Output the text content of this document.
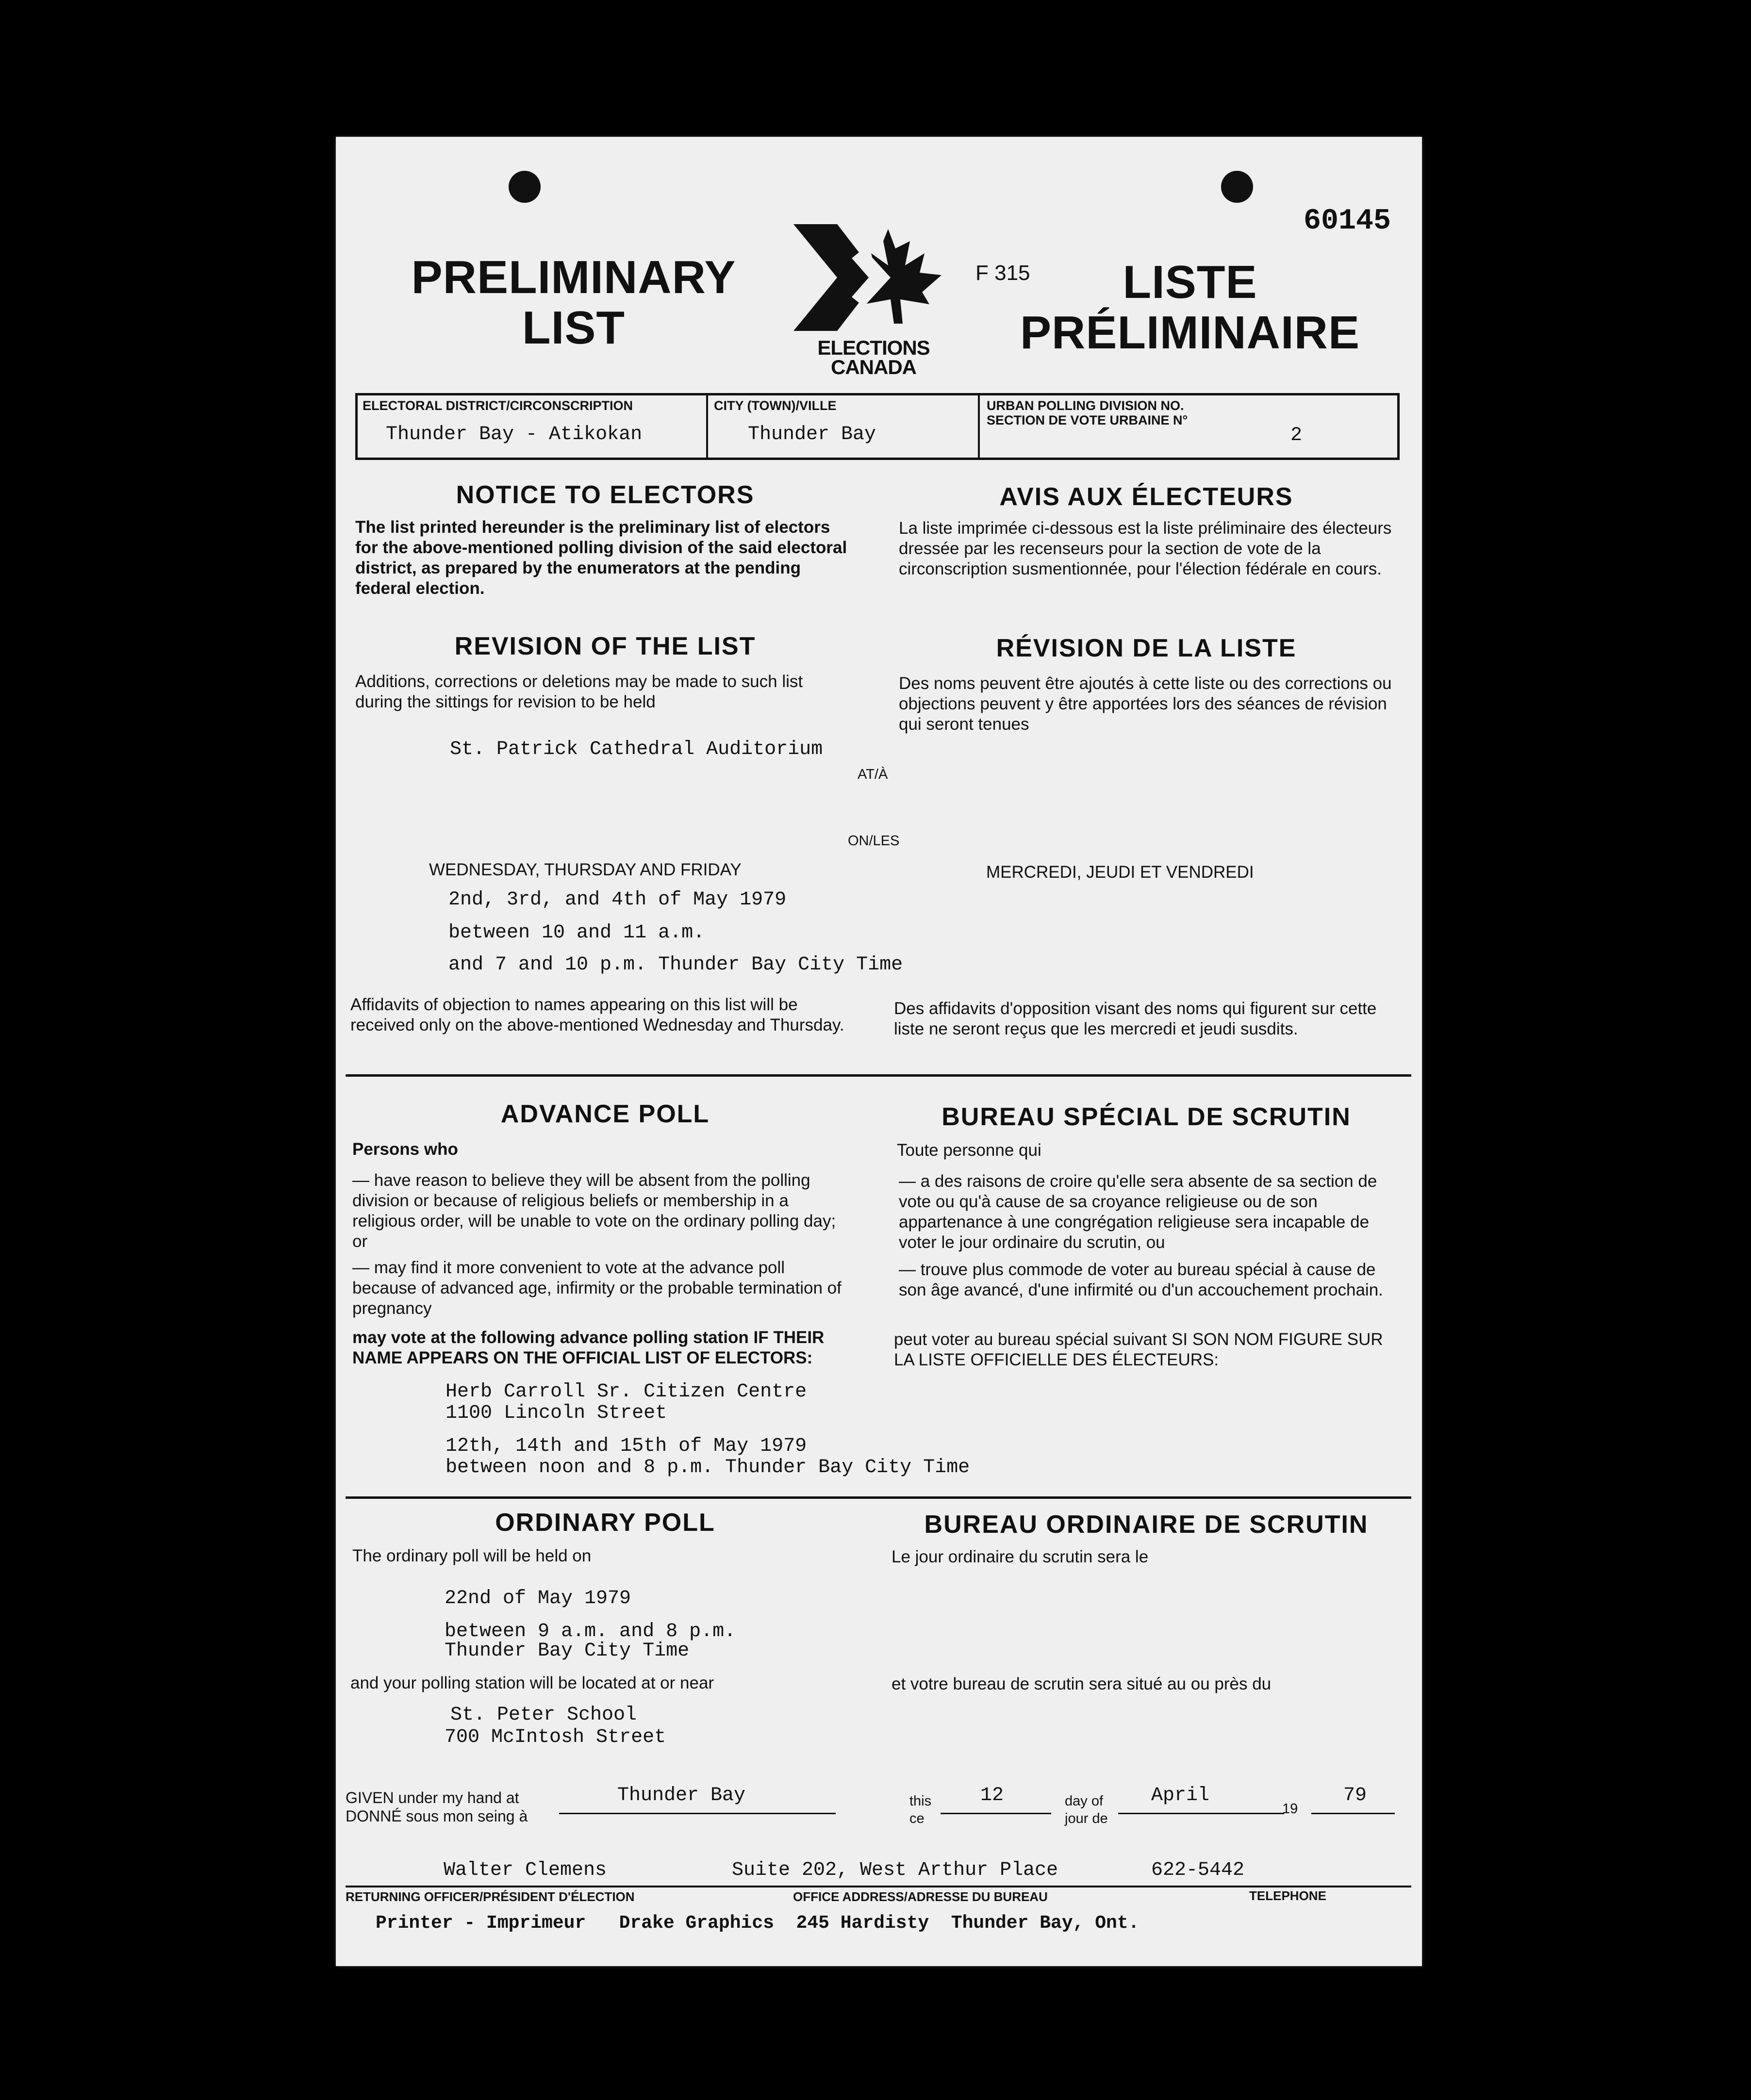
60145
PRELIMINARY
LIST	ELECTIONS
CANADA
F 315	LISTE
PRÉLIMINAIRE
ELECTORAL DISTRICT/CIRCONSCRIPTION
Thunder Bay - Atikokan
CITY (TOWN)/VILLE
Thunder Bay
URBAN POLLING DIVISION NO.
SECTION DE VOTE URBAINE N°
2
NOTICE TO ELECTORS	AVIS AUX ÉLECTEURS
The list printed hereunder is the preliminary list of electors for the above-mentioned polling division of the said electoral district, as prepared by the enumerators at the pending federal election.
La liste imprimée ci-dessous est la liste préliminaire des électeurs dressée par les recenseurs pour la section de vote de la circonscription susmentionnée, pour l'élection fédérale en cours.
REVISION OF THE LIST	RÉVISION DE LA LISTE
Additions, corrections or deletions may be made to such list during the sittings for revision to be held
Des noms peuvent être ajoutés à cette liste ou des corrections ou objections peuvent y être apportées lors des séances de révision qui seront tenues
St. Patrick Cathedral Auditorium
AT/À
ON/LES
WEDNESDAY, THURSDAY AND FRIDAY	MERCREDI, JEUDI ET VENDREDI
2nd, 3rd, and 4th of May 1979
between 10 and 11 a.m.
and 7 and 10 p.m. Thunder Bay City Time
Affidavits of objection to names appearing on this list will be received only on the above-mentioned Wednesday and Thursday.
Des affidavits d'opposition visant des noms qui figurent sur cette liste ne seront reçus que les mercredi et jeudi susdits.
ADVANCE POLL	BUREAU SPÉCIAL DE SCRUTIN
Persons who	Toute personne qui
— have reason to believe they will be absent from the polling division or because of religious beliefs or membership in a religious order, will be unable to vote on the ordinary polling day; or
— may find it more convenient to vote at the advance poll because of advanced age, infirmity or the probable termination of pregnancy
— a des raisons de croire qu'elle sera absente de sa section de vote ou qu'à cause de sa croyance religieuse ou de son appartenance à une congrégation religieuse sera incapable de voter le jour ordinaire du scrutin, ou
— trouve plus commode de voter au bureau spécial à cause de son âge avancé, d'une infirmité ou d'un accouchement prochain.
may vote at the following advance polling station IF THEIR NAME APPEARS ON THE OFFICIAL LIST OF ELECTORS:
peut voter au bureau spécial suivant SI SON NOM FIGURE SUR LA LISTE OFFICIELLE DES ÉLECTEURS:
Herb Carroll Sr. Citizen Centre
1100 Lincoln Street
12th, 14th and 15th of May 1979
between noon and 8 p.m. Thunder Bay City Time
ORDINARY POLL	BUREAU ORDINAIRE DE SCRUTIN
The ordinary poll will be held on	Le jour ordinaire du scrutin sera le
22nd of May 1979
between 9 a.m. and 8 p.m.
Thunder Bay City Time
and your polling station will be located at or near	et votre bureau de scrutin sera situé au ou près du
St. Peter School
700 McIntosh Street
GIVEN under my hand at
DONNÉ sous mon seing à
Thunder Bay	this
ce
12	day of
jour de
April
19
79
Walter Clemens	Suite 202, West Arthur Place	622-5442
RETURNING OFFICER/PRÉSIDENT D'ÉLECTION	OFFICE ADDRESS/ADRESSE DU BUREAU	TELEPHONE
Printer - Imprimeur   Drake Graphics  245 Hardisty  Thunder Bay, Ont.
